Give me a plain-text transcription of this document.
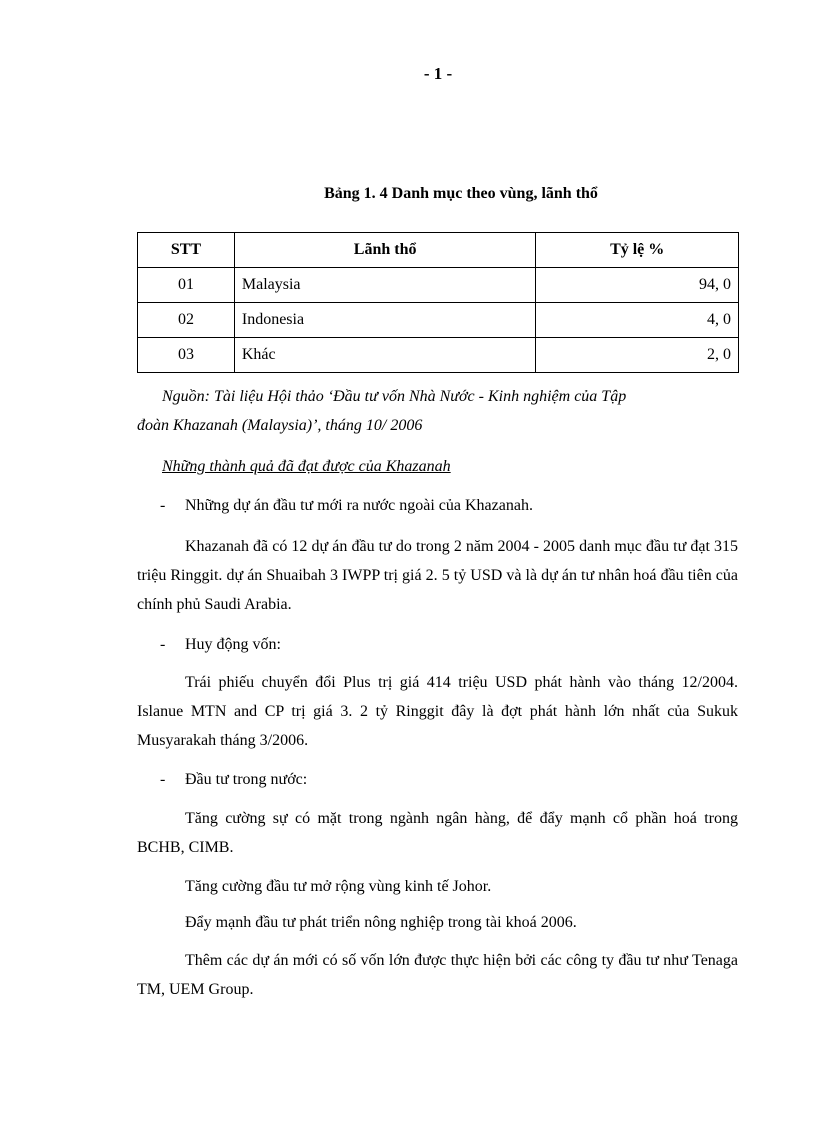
- 1 -
Bảng 1. 4 Danh mục theo vùng, lãnh thổ
STT	Lãnh thổ	Tỷ lệ %
01	Malaysia	94, 0
02	Indonesia	4, 0
03	Khác	2, 0
Nguồn: Tài liệu Hội thảo ‘Đầu tư vốn Nhà Nước - Kinh nghiệm của Tập
đoàn Khazanah (Malaysia)’, tháng 10/ 2006
Những thành quả đã đạt được của Khazanah
- Những dự án đầu tư mới ra nước ngoài của Khazanah.
Khazanah đã có 12 dự án đầu tư do trong 2 năm 2004 - 2005 danh mục đầu tư đạt 315 triệu Ringgit. dự án Shuaibah 3 IWPP trị giá 2. 5 tỷ USD và là dự án tư nhân hoá đầu tiên của chính phủ Saudi Arabia.
- Huy động vốn:
Trái phiếu chuyển đổi Plus trị giá 414 triệu USD phát hành vào tháng 12/2004. Islanue MTN and CP trị giá 3. 2 tỷ Ringgit đây là đợt phát hành lớn nhất của Sukuk Musyarakah tháng 3/2006.
- Đầu tư trong nước:
Tăng cường sự có mặt trong ngành ngân hàng, để đẩy mạnh cổ phần hoá trong BCHB, CIMB.
Tăng cường đầu tư mở rộng vùng kinh tế Johor.
Đẩy mạnh đầu tư phát triển nông nghiệp trong tài khoá 2006.
Thêm các dự án mới có số vốn lớn được thực hiện bởi các công ty đầu tư như Tenaga TM, UEM Group.
